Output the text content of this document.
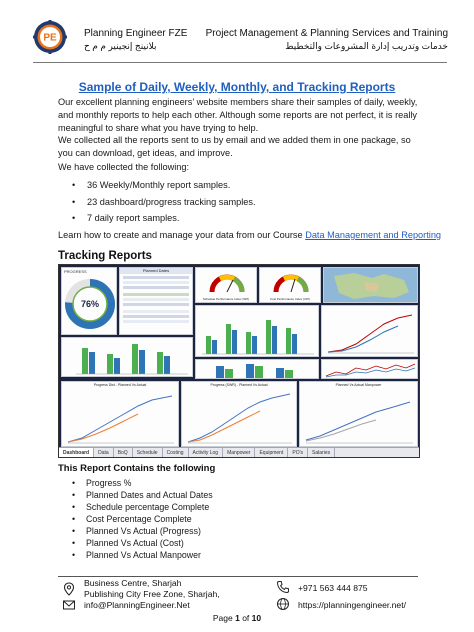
PE	Planning Engineer FZE
بلانينج إنجينير م م ح
Project Management & Planning Services and Training
خدمات وتدريب إدارة المشروعات والتخطيط
Sample of Daily, Weekly, Monthly, and Tracking Reports
Our excellent planning engineers’ website members share their samples of daily, weekly, and monthly reports to help each other. Although some reports are not perfect, it is really meaningful to share what you have trying to help.
We collected all the reports sent to us by email and we added them in one package, so you can download, get ideas, and improve.
We have collected the following:
• 36 Weekly/Monthly report samples.
• 23 dashboard/progress tracking samples.
• 7 daily report samples.
Learn how to create and manage your data from our Course Data Management and Reporting
Tracking Reports
PROGRESS
76%
Planned Dates
Schedule Performance Index (SPI)	Cost Performance Index (CPI)
Progress Dist - Planned Vs Actual	Progress (SWR) - Planned Vs Actual	Planned Vs Actual Manpower
Dashboard	Data	BoQ	Schedule	Costing	Activity Log	Manpower	Equipment	PO's	Salaries
This Report Contains the following
• Progress %
• Planned Dates and Actual Dates
• Schedule percentage Complete
• Cost Percentage Complete
• Planned Vs Actual (Progress)
• Planned Vs Actual (Cost)
• Planned Vs Actual Manpower
Business Centre, Sharjah
Publishing City Free Zone, Sharjah,
info@PlanningEngineer.Net
+971 563 444 875
https://planningengineer.net/
Page 1 of 10
